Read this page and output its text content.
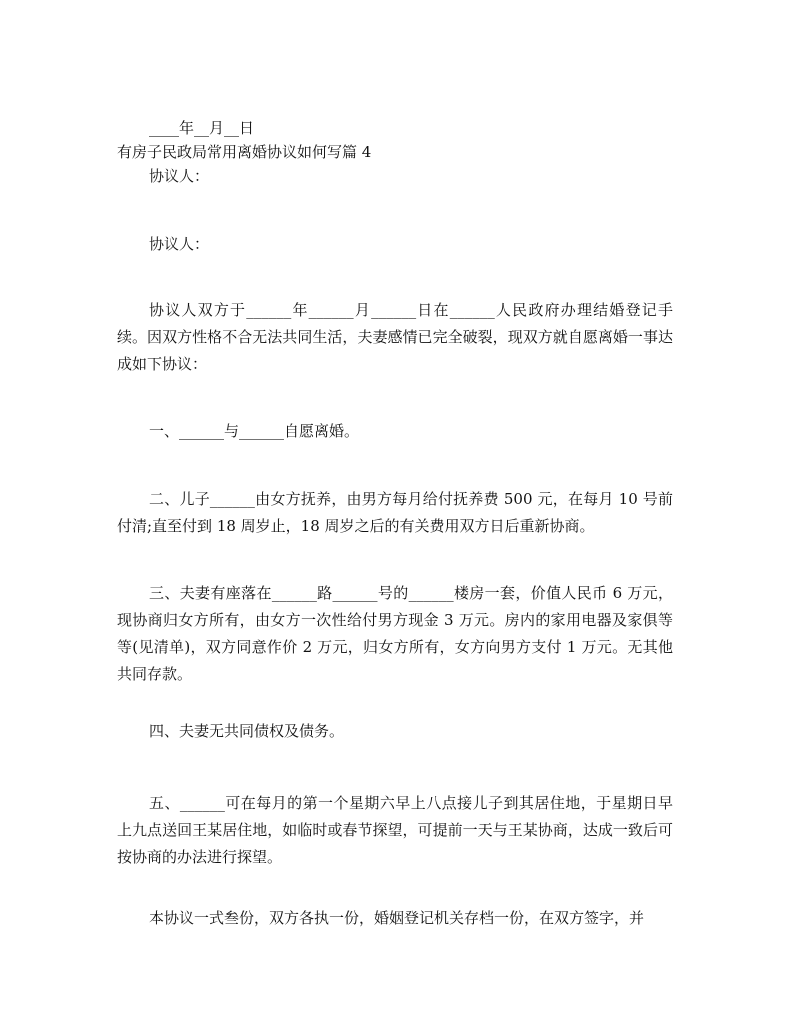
____年__月__日
有房子民政局常用离婚协议如何写篇 4
协议人：
协议人：
协议人双方于______年______月______日在______人民政府办理结婚登记手续。因双方性格不合无法共同生活，夫妻感情已完全破裂，现双方就自愿离婚一事达成如下协议：
一、______与______自愿离婚。
二、儿子______由女方抚养，由男方每月给付抚养费 500 元，在每月 10 号前付清;直至付到 18 周岁止，18 周岁之后的有关费用双方日后重新协商。
三、夫妻有座落在______路______号的______楼房一套，价值人民币 6 万元，现协商归女方所有，由女方一次性给付男方现金 3 万元。房内的家用电器及家俱等等(见清单)，双方同意作价 2 万元，归女方所有，女方向男方支付 1 万元。无其他共同存款。
四、夫妻无共同债权及债务。
五、______可在每月的第一个星期六早上八点接儿子到其居住地，于星期日早上九点送回王某居住地，如临时或春节探望，可提前一天与王某协商，达成一致后可按协商的办法进行探望。
本协议一式叁份，双方各执一份，婚姻登记机关存档一份，在双方签字，并
